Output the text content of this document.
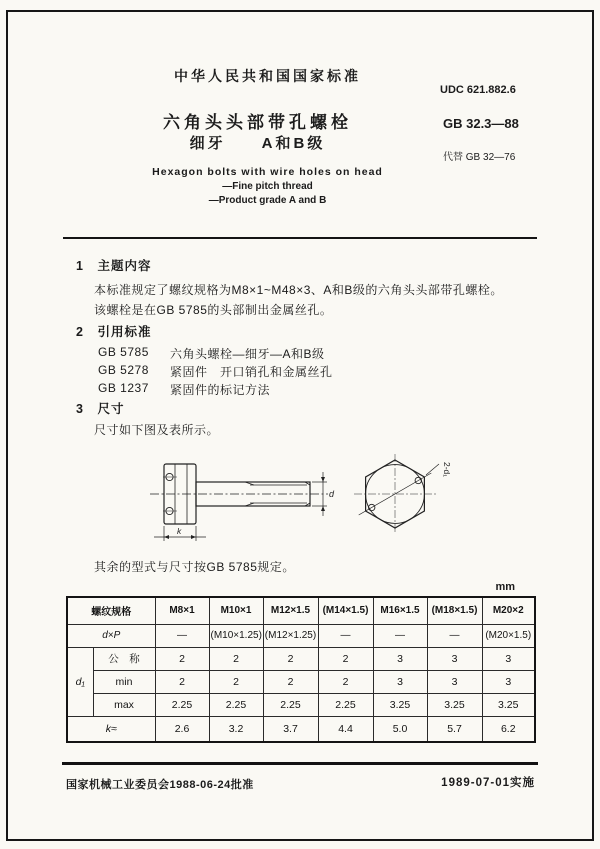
中华人民共和国国家标准
UDC 621.882.6
六角头头部带孔螺栓	GB 32.3—88
细牙　　A和B级
代替 GB 32—76
Hexagon bolts with wire holes on head
—Fine pitch thread
—Product grade A and B
1　主题内容
本标准规定了螺纹规格为M8×1~M48×3、A和B级的六角头头部带孔螺栓。
该螺栓是在GB 5785的头部制出金属丝孔。
2　引用标准
GB 5785	六角头螺栓—细牙—A和B级
GB 5278	紧固件　开口销孔和金属丝孔
GB 1237	紧固件的标记方法
3　尺寸
尺寸如下图及表所示。
k
d
2-d₁
其余的型式与尺寸按GB 5785规定。
mm
螺纹规格		M8×1	M10×1	M12×1.5	(M14×1.5)	M16×1.5	(M18×1.5)	M20×2
d×P		—	(M10×1.25)	(M12×1.25)	—	—	—	(M20×1.5)
d₁	公　称	2	2	2	2	3	3	3
	min	2	2	2	2	3	3	3
	max	2.25	2.25	2.25	2.25	3.25	3.25	3.25
k≈		2.6	3.2	3.7	4.4	5.0	5.7	6.2
国家机械工业委员会1988-06-24批准	1989-07-01实施
